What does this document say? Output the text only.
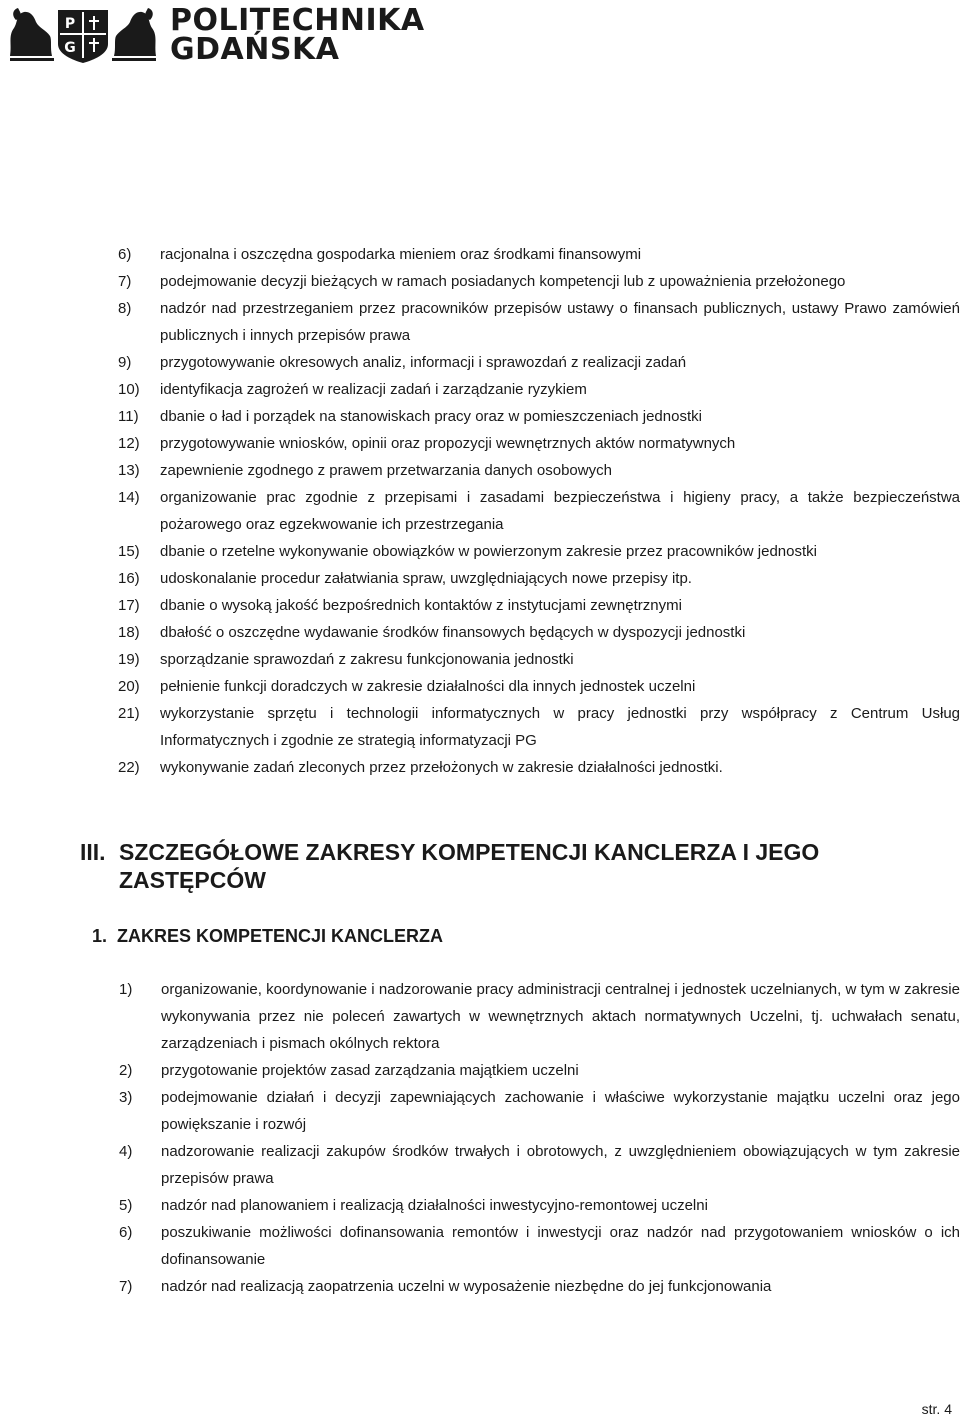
P
G
POLITECHNIKA
GDAŃSKA
6) racjonalna i oszczędna gospodarka mieniem oraz środkami finansowymi
7) podejmowanie decyzji bieżących w ramach posiadanych kompetencji lub z upoważnienia przełożonego
8) nadzór nad przestrzeganiem przez pracowników przepisów ustawy o finansach publicznych, ustawy Prawo zamówień publicznych i innych przepisów prawa
9) przygotowywanie okresowych analiz, informacji i sprawozdań z realizacji zadań
10) identyfikacja zagrożeń w realizacji zadań i zarządzanie ryzykiem
11) dbanie o ład i porządek na stanowiskach pracy oraz w pomieszczeniach jednostki
12) przygotowywanie wniosków, opinii oraz propozycji wewnętrznych aktów normatywnych
13) zapewnienie zgodnego z prawem przetwarzania danych osobowych
14) organizowanie prac zgodnie z przepisami i zasadami bezpieczeństwa i higieny pracy, a także bezpieczeństwa pożarowego oraz egzekwowanie ich przestrzegania
15) dbanie o rzetelne wykonywanie obowiązków w powierzonym zakresie przez pracowników jednostki
16) udoskonalanie procedur załatwiania spraw, uwzględniających nowe przepisy itp.
17) dbanie o wysoką jakość bezpośrednich kontaktów z instytucjami zewnętrznymi
18) dbałość o oszczędne wydawanie środków finansowych będących w dyspozycji jednostki
19) sporządzanie sprawozdań z zakresu funkcjonowania jednostki
20) pełnienie funkcji doradczych w zakresie działalności dla innych jednostek uczelni
21) wykorzystanie sprzętu i technologii informatycznych w pracy jednostki przy współpracy z Centrum Usług Informatycznych i zgodnie ze strategią informatyzacji PG
22) wykonywanie zadań zleconych przez przełożonych w zakresie działalności jednostki.
III. SZCZEGÓŁOWE ZAKRESY KOMPETENCJI KANCLERZA I JEGO ZASTĘPCÓW
1. ZAKRES KOMPETENCJI KANCLERZA
1) organizowanie, koordynowanie i nadzorowanie pracy administracji centralnej i jednostek uczelnianych, w tym w zakresie wykonywania przez nie poleceń zawartych w wewnętrznych aktach normatywnych Uczelni, tj. uchwałach senatu, zarządzeniach i pismach okólnych rektora
2) przygotowanie projektów zasad zarządzania majątkiem uczelni
3) podejmowanie działań i decyzji zapewniających zachowanie i właściwe wykorzystanie majątku uczelni oraz jego powiększanie i rozwój
4) nadzorowanie realizacji zakupów środków trwałych i obrotowych, z uwzględnieniem obowiązujących w tym zakresie przepisów prawa
5) nadzór nad planowaniem i realizacją działalności inwestycyjno-remontowej uczelni
6) poszukiwanie możliwości dofinansowania remontów i inwestycji oraz nadzór nad przygotowaniem wniosków o ich dofinansowanie
7) nadzór nad realizacją zaopatrzenia uczelni w wyposażenie niezbędne do jej funkcjonowania
str. 4
